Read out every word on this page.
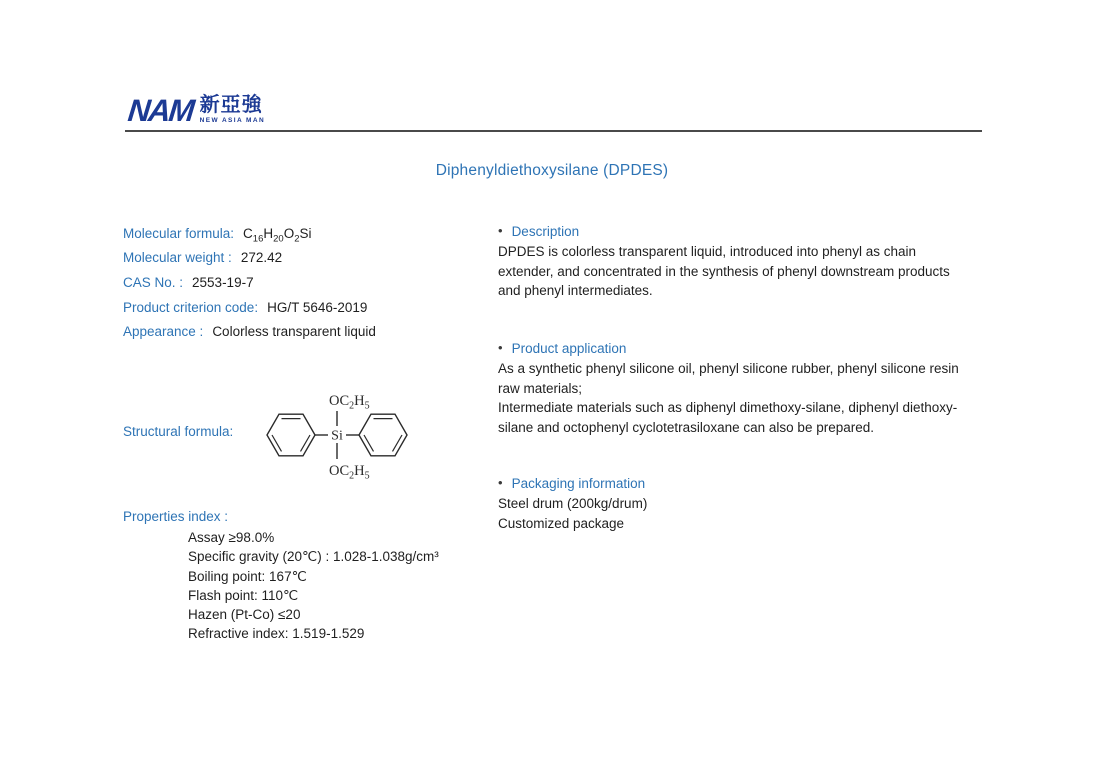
NAM 新亞強
NEW ASIA MAN
Diphenyldiethoxysilane (DPDES)
Molecular formula: $C_{16}H_{20}O_2Si$
Molecular weight : 272.42
CAS No. : 2553-19-7
Product criterion code: HG/T 5646-2019
Appearance : Colorless transparent liquid
Structural formula:	Si
$OC_2H_5$
$OC_2H_5$
Properties index :
Assay ≥98.0%
Specific gravity (20℃) : 1.028-1.038g/cm³
Boiling point: 167℃
Flash point: 110℃
Hazen (Pt-Co) ≤20
Refractive index: 1.519-1.529
• Description

DPDES is colorless transparent liquid, introduced into phenyl as chain extender, and concentrated in the synthesis of phenyl downstream products and phenyl intermediates.

• Product application

As a synthetic phenyl silicone oil, phenyl silicone rubber, phenyl silicone resin raw materials;

Intermediate materials such as diphenyl dimethoxy-silane, diphenyl diethoxy-silane and octophenyl cyclotetrasiloxane can also be prepared.

• Packaging information

Steel drum (200kg/drum)

Customized package
